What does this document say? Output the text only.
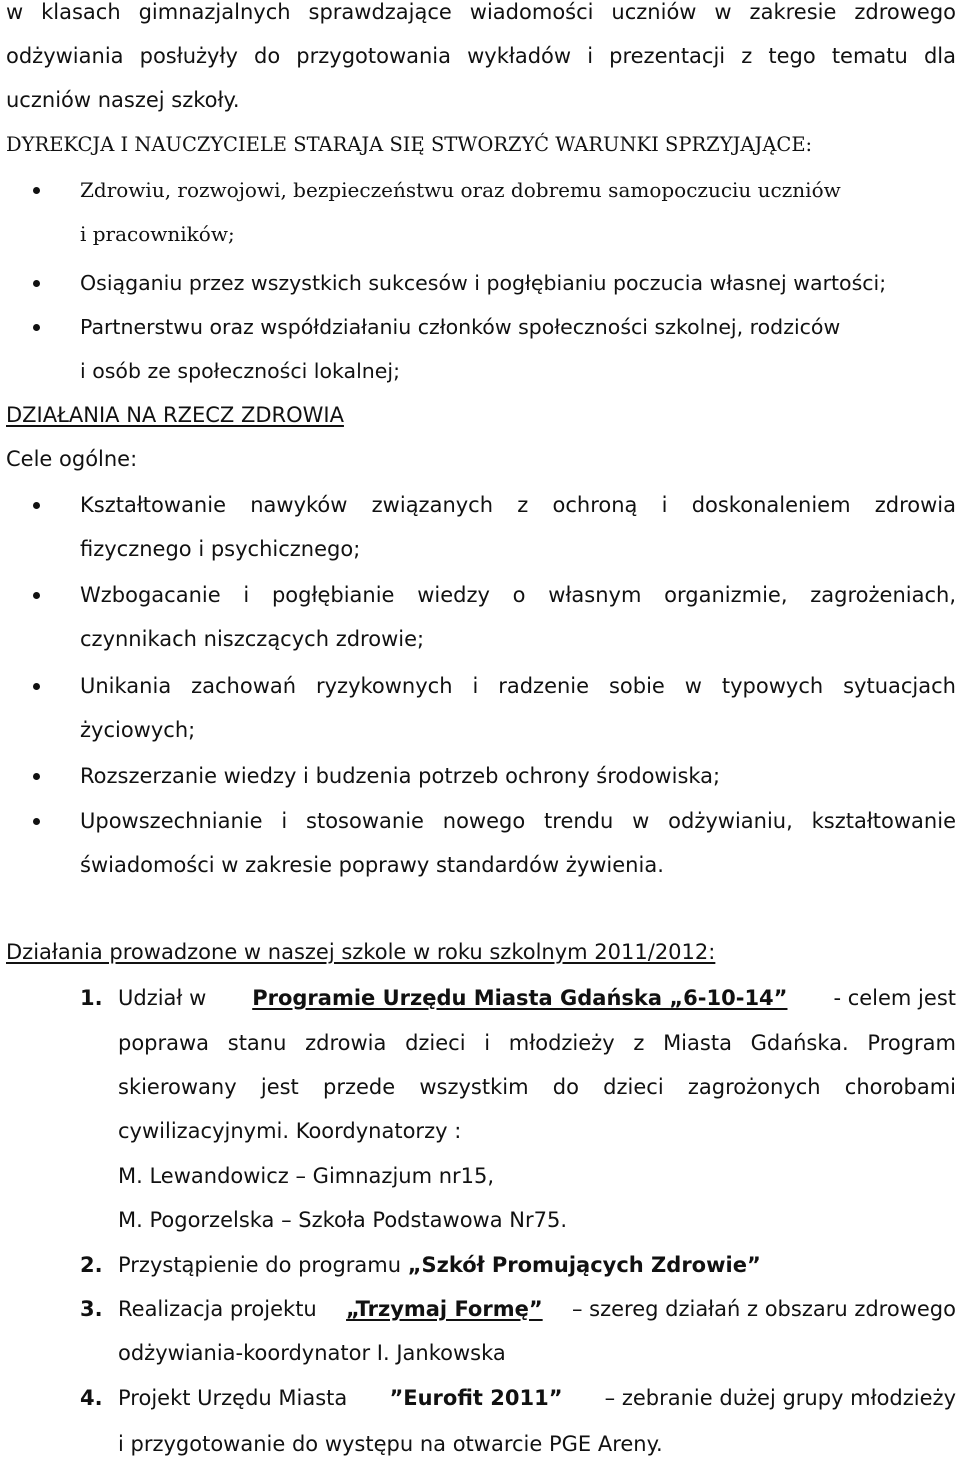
w klasach gimnazjalnych sprawdzające wiadomości uczniów w zakresie zdrowego
odżywiania posłużyły do przygotowania wykładów i prezentacji z tego tematu dla
uczniów naszej szkoły.
DYREKCJA I NAUCZYCIELE STARAJA SIĘ STWORZYĆ WARUNKI SPRZYJAJĄCE:
Zdrowiu, rozwojowi, bezpieczeństwu oraz dobremu samopoczuciu uczniów
i pracowników;
Osiąganiu przez wszystkich sukcesów i pogłębianiu poczucia własnej wartości;
Partnerstwu oraz współdziałaniu członków społeczności szkolnej, rodziców
i osób ze społeczności lokalnej;
DZIAŁANIA NA RZECZ ZDROWIA
Cele ogólne:
Kształtowanie nawyków związanych z ochroną i doskonaleniem zdrowia
fizycznego i psychicznego;
Wzbogacanie i pogłębianie wiedzy o własnym organizmie, zagrożeniach,
czynnikach niszczących zdrowie;
Unikania zachowań ryzykownych i radzenie sobie w typowych sytuacjach
życiowych;
Rozszerzanie wiedzy i budzenia potrzeb ochrony środowiska;
Upowszechnianie i stosowanie nowego trendu w odżywianiu, kształtowanie
świadomości w zakresie poprawy standardów żywienia.
Działania prowadzone w naszej szkole w roku szkolnym 2011/2012:
1. Udział w Programie Urzędu Miasta Gdańska „6-10-14” - celem jest
poprawa stanu zdrowia dzieci i młodzieży z Miasta Gdańska. Program
skierowany jest przede wszystkim do dzieci zagrożonych chorobami
cywilizacyjnymi. Koordynatorzy :
M. Lewandowicz – Gimnazjum nr15,
M. Pogorzelska – Szkoła Podstawowa Nr75.
2. Przystąpienie do programu „Szkół Promujących Zdrowie”
3. Realizacja projektu „Trzymaj Formę” – szereg działań z obszaru zdrowego
odżywiania-koordynator I. Jankowska
4. Projekt Urzędu Miasta ”Eurofit 2011” – zebranie dużej grupy młodzieży
i przygotowanie do występu na otwarcie PGE Areny.
